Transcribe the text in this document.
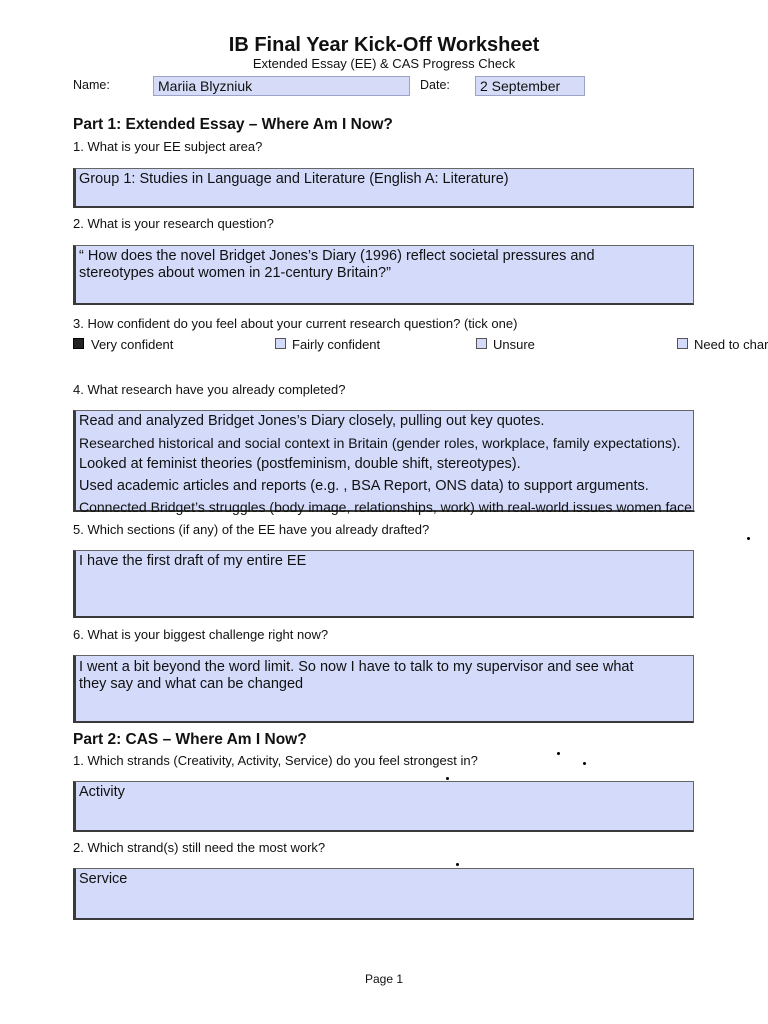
IB Final Year Kick-Off Worksheet
Extended Essay (EE) & CAS Progress Check
Name:	Mariia Blyzniuk	Date:	2 September
Part 1: Extended Essay – Where Am I Now?
1. What is your EE subject area?
Group 1: Studies in Language and Literature (English A: Literature)
2. What is your research question?
“ How does the novel Bridget Jones’s Diary (1996) reflect societal pressures and
stereotypes about women in 21-century Britain?”
3. How confident do you feel about your current research question? (tick one)
Very confident	Fairly confident	Unsure	Need to char
4. What research have you already completed?
Read and analyzed Bridget Jones’s Diary closely, pulling out key quotes.
Researched historical and social context in Britain (gender roles, workplace, family expectations).
Looked at feminist theories (postfeminism, double shift, stereotypes).
Used academic articles and reports (e.g. , BSA Report, ONS data) to support arguments.
Connected Bridget’s struggles (body image, relationships, work) with real-world issues women face.
5. Which sections (if any) of the EE have you already drafted?
I have the first draft of my entire EE
6. What is your biggest challenge right now?
I went a bit beyond the word limit. So now I have to talk to my supervisor and see what
they say and what can be changed
Part 2: CAS – Where Am I Now?
1. Which strands (Creativity, Activity, Service) do you feel strongest in?
Activity
2. Which strand(s) still need the most work?
Service
Page 1
